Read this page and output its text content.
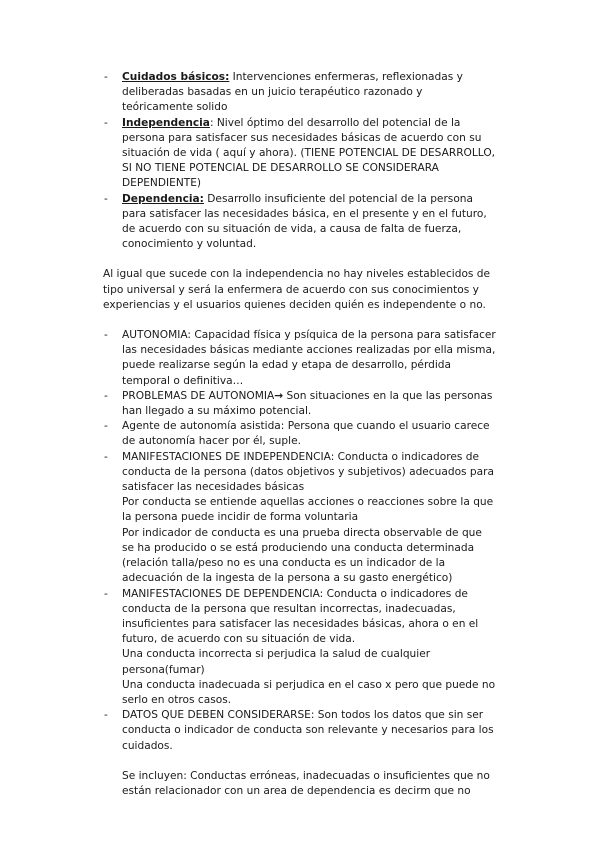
- Cuidados básicos: Intervenciones enfermeras, reflexionadas y
deliberadas basadas en un juicio terapéutico razonado y
teóricamente solido
- Independencia: Nivel óptimo del desarrollo del potencial de la
persona para satisfacer sus necesidades básicas de acuerdo con su
situación de vida ( aquí y ahora). (TIENE POTENCIAL DE DESARROLLO,
SI NO TIENE POTENCIAL DE DESARROLLO SE CONSIDERARA
DEPENDIENTE)
- Dependencia: Desarrollo insuficiente del potencial de la persona
para satisfacer las necesidades básica, en el presente y en el futuro,
de acuerdo con su situación de vida, a causa de falta de fuerza,
conocimiento y voluntad.
Al igual que sucede con la independencia no hay niveles establecidos de
tipo universal y será la enfermera de acuerdo con sus conocimientos y
experiencias y el usuarios quienes deciden quién es independente o no.
- AUTONOMIA: Capacidad física y psíquica de la persona para satisfacer
las necesidades básicas mediante acciones realizadas por ella misma,
puede realizarse según la edad y etapa de desarrollo, pérdida
temporal o definitiva…
- PROBLEMAS DE AUTONOMIA→ Son situaciones en la que las personas
han llegado a su máximo potencial.
- Agente de autonomía asistida: Persona que cuando el usuario carece
de autonomía hacer por él, suple.
- MANIFESTACIONES DE INDEPENDENCIA: Conducta o indicadores de
conducta de la persona (datos objetivos y subjetivos) adecuados para
satisfacer las necesidades básicas
Por conducta se entiende aquellas acciones o reacciones sobre la que
la persona puede incidir de forma voluntaria
Por indicador de conducta es una prueba directa observable de que
se ha producido o se está produciendo una conducta determinada
(relación talla/peso no es una conducta es un indicador de la
adecuación de la ingesta de la persona a su gasto energético)
- MANIFESTACIONES DE DEPENDENCIA: Conducta o indicadores de
conducta de la persona que resultan incorrectas, inadecuadas,
insuficientes para satisfacer las necesidades básicas, ahora o en el
futuro, de acuerdo con su situación de vida.
Una conducta incorrecta si perjudica la salud de cualquier
persona(fumar)
Una conducta inadecuada si perjudica en el caso x pero que puede no
serlo en otros casos.
- DATOS QUE DEBEN CONSIDERARSE: Son todos los datos que sin ser
conducta o indicador de conducta son relevante y necesarios para los
cuidados.
Se incluyen: Conductas erróneas, inadecuadas o insuficientes que no
están relacionador con un area de dependencia es decirm que no
